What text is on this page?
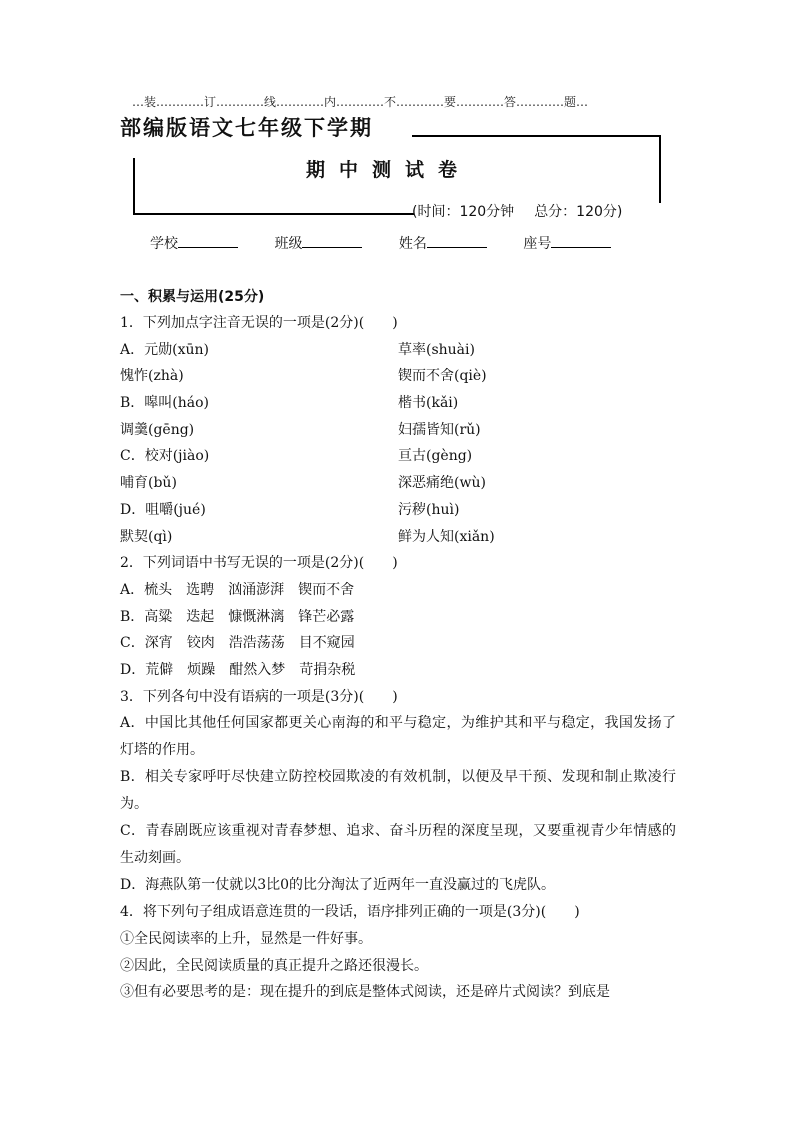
…装…………订…………线…………内…………不…………要…………答…………题…
部编版语文七年级下学期
期中测试卷
(时间：120分钟 总分：120分)
学校	班级	姓名	座号
一、积累与运用(25分)
1．下列加点字注音无误的一项是(2分)(　　)
A．元勋(xūn)	草率(shuài)
愧怍(zhà)	锲而不舍(qiè)
B．嗥叫(háo)	楷书(kǎi)
调羹(gēng)	妇孺皆知(rǔ)
C．校对(jiào)	亘古(gèng)
哺育(bǔ)	深恶痛绝(wù)
D．咀嚼(jué)	污秽(huì)
默契(qì)	鲜为人知(xiǎn)
2．下列词语中书写无误的一项是(2分)(　　)
A．梳头　选聘　汹涌澎湃　锲而不舍
B．高粱　迭起　慷慨淋漓　锋芒必露
C．深宵　铰肉　浩浩荡荡　目不窥园
D．荒僻　烦躁　酣然入梦　苛捐杂税
3．下列各句中没有语病的一项是(3分)(　　)
A．中国比其他任何国家都更关心南海的和平与稳定，为维护其和平与稳定，我国发扬了灯塔的作用。
B．相关专家呼吁尽快建立防控校园欺凌的有效机制，以便及早干预、发现和制止欺凌行为。
C．青春剧既应该重视对青春梦想、追求、奋斗历程的深度呈现，又要重视青少年情感的生动刻画。
D．海燕队第一仗就以3比0的比分淘汰了近两年一直没赢过的飞虎队。
4．将下列句子组成语意连贯的一段话，语序排列正确的一项是(3分)(　　)
①全民阅读率的上升，显然是一件好事。
②因此，全民阅读质量的真正提升之路还很漫长。
③但有必要思考的是：现在提升的到底是整体式阅读，还是碎片式阅读？到底是
